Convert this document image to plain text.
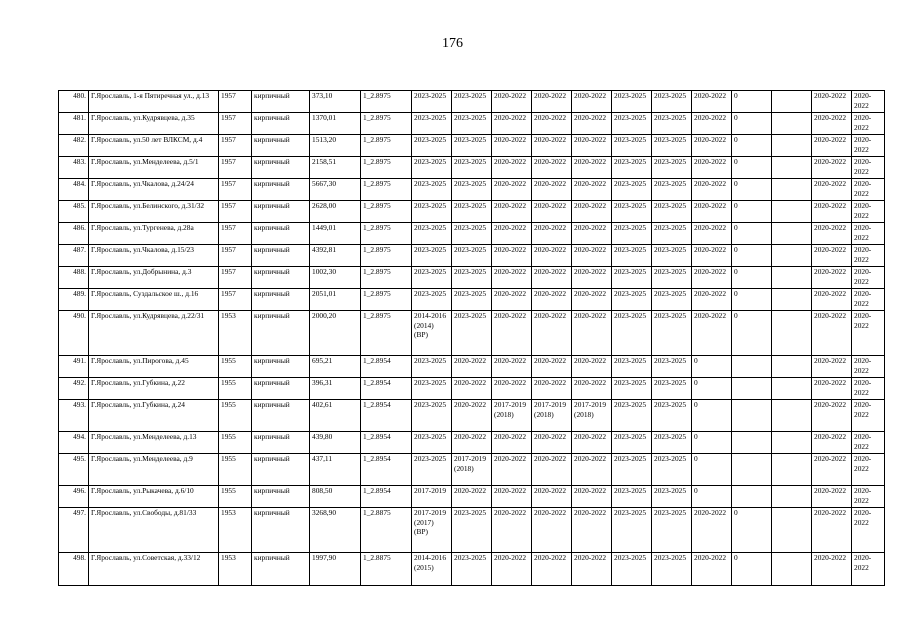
176
480.	Г.Ярославль, 1-я Пятиречная ул., д.13	1957	кирпичный	373,10	1_2.8975	2023-2025	2023-2025	2020-2022	2020-2022	2020-2022	2023-2025	2023-2025	2020-2022	0		2020-2022	2020-2022
481.	Г.Ярославль, ул.Кудрявцева, д.35	1957	кирпичный	1370,01	1_2.8975	2023-2025	2023-2025	2020-2022	2020-2022	2020-2022	2023-2025	2023-2025	2020-2022	0		2020-2022	2020-2022
482.	Г.Ярославль, ул.50 лет ВЛКСМ, д.4	1957	кирпичный	1513,20	1_2.8975	2023-2025	2023-2025	2020-2022	2020-2022	2020-2022	2023-2025	2023-2025	2020-2022	0		2020-2022	2020-2022
483.	Г.Ярославль, ул.Менделеева, д.5/1	1957	кирпичный	2158,51	1_2.8975	2023-2025	2023-2025	2020-2022	2020-2022	2020-2022	2023-2025	2023-2025	2020-2022	0		2020-2022	2020-2022
484.	Г.Ярославль, ул.Чкалова, д.24/24	1957	кирпичный	5667,30	1_2.8975	2023-2025	2023-2025	2020-2022	2020-2022	2020-2022	2023-2025	2023-2025	2020-2022	0		2020-2022	2020-2022
485.	Г.Ярославль, ул.Белинского, д.31/32	1957	кирпичный	2628,00	1_2.8975	2023-2025	2023-2025	2020-2022	2020-2022	2020-2022	2023-2025	2023-2025	2020-2022	0		2020-2022	2020-2022
486.	Г.Ярославль, ул.Тургенева, д.28а	1957	кирпичный	1449,01	1_2.8975	2023-2025	2023-2025	2020-2022	2020-2022	2020-2022	2023-2025	2023-2025	2020-2022	0		2020-2022	2020-2022
487.	Г.Ярославль, ул.Чкалова, д.15/23	1957	кирпичный	4392,81	1_2.8975	2023-2025	2023-2025	2020-2022	2020-2022	2020-2022	2023-2025	2023-2025	2020-2022	0		2020-2022	2020-2022
488.	Г.Ярославль, ул.Добрынина, д.3	1957	кирпичный	1002,30	1_2.8975	2023-2025	2023-2025	2020-2022	2020-2022	2020-2022	2023-2025	2023-2025	2020-2022	0		2020-2022	2020-2022
489.	Г.Ярославль, Суздальское ш., д.16	1957	кирпичный	2051,01	1_2.8975	2023-2025	2023-2025	2020-2022	2020-2022	2020-2022	2023-2025	2023-2025	2020-2022	0		2020-2022	2020-2022
490.	Г.Ярославль, ул.Кудрявцева, д.22/31	1953	кирпичный	2000,20	1_2.8975	2014-2016 (2014) (ВР)	2023-2025	2020-2022	2020-2022	2020-2022	2023-2025	2023-2025	2020-2022	0		2020-2022	2020-2022
491.	Г.Ярославль, ул.Пирогова, д.45	1955	кирпичный	695,21	1_2.8954	2023-2025	2020-2022	2020-2022	2020-2022	2020-2022	2023-2025	2023-2025	0			2020-2022	2020-2022
492.	Г.Ярославль, ул.Губкина, д.22	1955	кирпичный	396,31	1_2.8954	2023-2025	2020-2022	2020-2022	2020-2022	2020-2022	2023-2025	2023-2025	0			2020-2022	2020-2022
493.	Г.Ярославль, ул.Губкина, д.24	1955	кирпичный	402,61	1_2.8954	2023-2025	2020-2022	2017-2019 (2018)	2017-2019 (2018)	2017-2019 (2018)	2023-2025	2023-2025	0			2020-2022	2020-2022
494.	Г.Ярославль, ул.Менделеева, д.13	1955	кирпичный	439,80	1_2.8954	2023-2025	2020-2022	2020-2022	2020-2022	2020-2022	2023-2025	2023-2025	0			2020-2022	2020-2022
495.	Г.Ярославль, ул.Менделеева, д.9	1955	кирпичный	437,11	1_2.8954	2023-2025	2017-2019 (2018)	2020-2022	2020-2022	2020-2022	2023-2025	2023-2025	0			2020-2022	2020-2022
496.	Г.Ярославль, ул.Рыкачева, д.6/10	1955	кирпичный	808,50	1_2.8954	2017-2019	2020-2022	2020-2022	2020-2022	2020-2022	2023-2025	2023-2025	0			2020-2022	2020-2022
497.	Г.Ярославль, ул.Свободы, д.81/33	1953	кирпичный	3268,90	1_2.8875	2017-2019 (2017) (ВР)	2023-2025	2020-2022	2020-2022	2020-2022	2023-2025	2023-2025	2020-2022	0		2020-2022	2020-2022
498.	Г.Ярославль, ул.Советская, д.33/12	1953	кирпичный	1997,90	1_2.8875	2014-2016 (2015)	2023-2025	2020-2022	2020-2022	2020-2022	2023-2025	2023-2025	2020-2022	0		2020-2022	2020-2022
